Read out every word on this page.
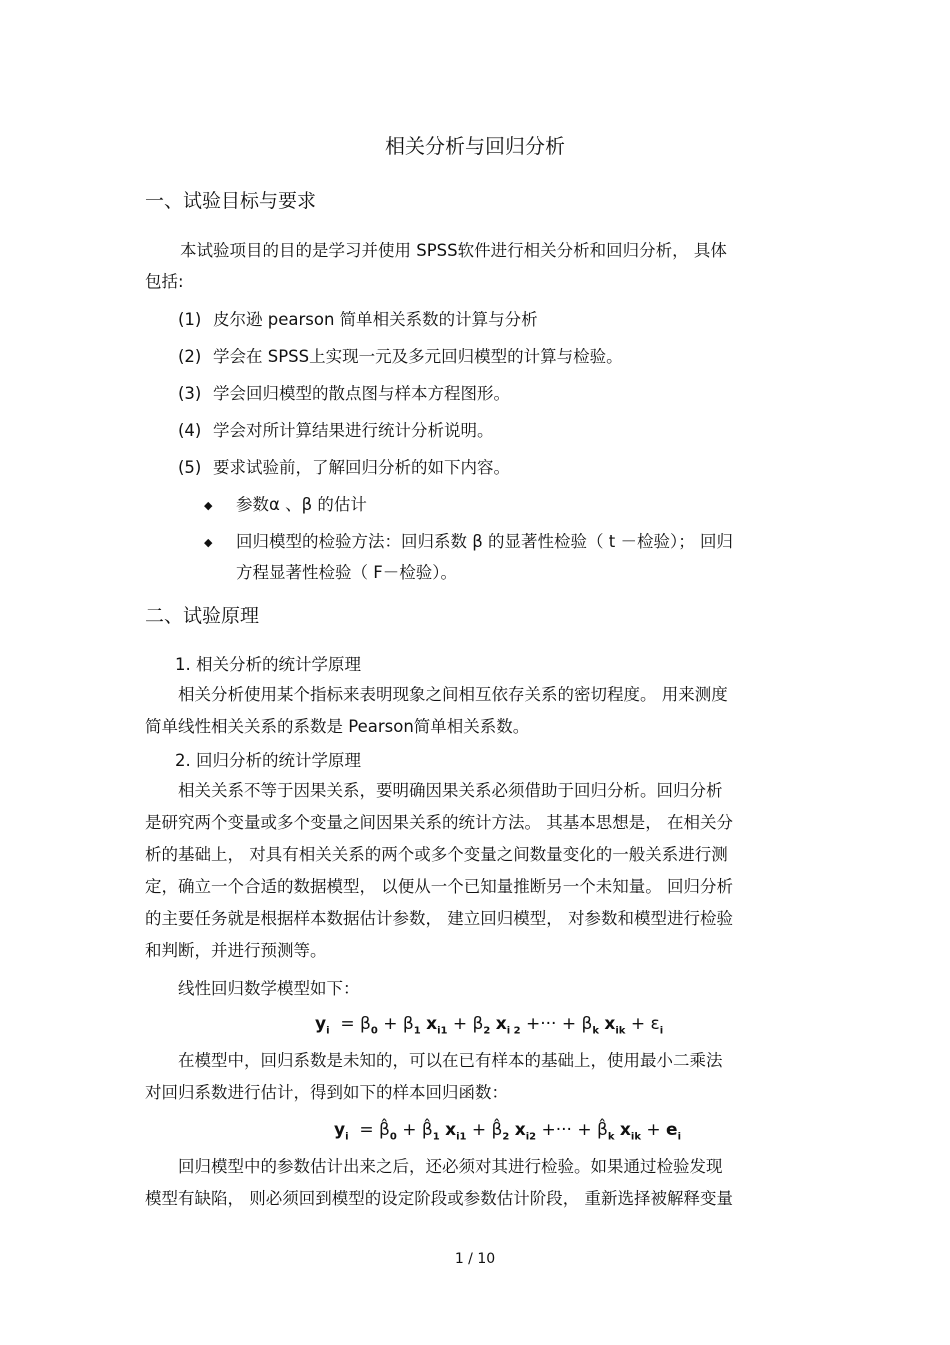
相关分析与回归分析
一、试验目标与要求
本试验项目的目的是学习并使用 SPSS软件进行相关分析和回归分析， 具体
包括:
(1) 皮尔逊 pearson 简单相关系数的计算与分析
(2) 学会在 SPSS上实现一元及多元回归模型的计算与检验。
(3) 学会回归模型的散点图与样本方程图形。
(4) 学会对所计算结果进行统计分析说明。
(5) 要求试验前，了解回归分析的如下内容。
◆ 参数α 、β 的估计
◆ 回归模型的检验方法：回归系数 β 的显著性检验（ t －检验）； 回归
方程显著性检验（ F－检验）。
二、试验原理
1. 相关分析的统计学原理
相关分析使用某个指标来表明现象之间相互依存关系的密切程度。 用来测度
简单线性相关关系的系数是 Pearson简单相关系数。
2. 回归分析的统计学原理
相关关系不等于因果关系，要明确因果关系必须借助于回归分析。回归分析
是研究两个变量或多个变量之间因果关系的统计方法。 其基本思想是， 在相关分
析的基础上， 对具有相关关系的两个或多个变量之间数量变化的一般关系进行测
定，确立一个合适的数据模型， 以便从一个已知量推断另一个未知量。 回归分析
的主要任务就是根据样本数据估计参数， 建立回归模型， 对参数和模型进行检验
和判断，并进行预测等。
线性回归数学模型如下：
$y_i = \beta_0 + \beta_1$ $x_{i1} + \beta_2$ $x_{i 2}$ +··· + $\beta_k$ $x_{ik} + \varepsilon_i$
在模型中，回归系数是未知的，可以在已有样本的基础上，使用最小二乘法
对回归系数进行估计，得到如下的样本回归函数：
$y_i$  = $\betâ_0$ + $\betâ_1$ $x_{i1}$ + $\betâ_2$ $x_{i2}$ +··· + $\betâ_k$ $x_{ik} + e_i$
回归模型中的参数估计出来之后，还必须对其进行检验。如果通过检验发现
模型有缺陷， 则必须回到模型的设定阶段或参数估计阶段， 重新选择被解释变量
1 / 10
